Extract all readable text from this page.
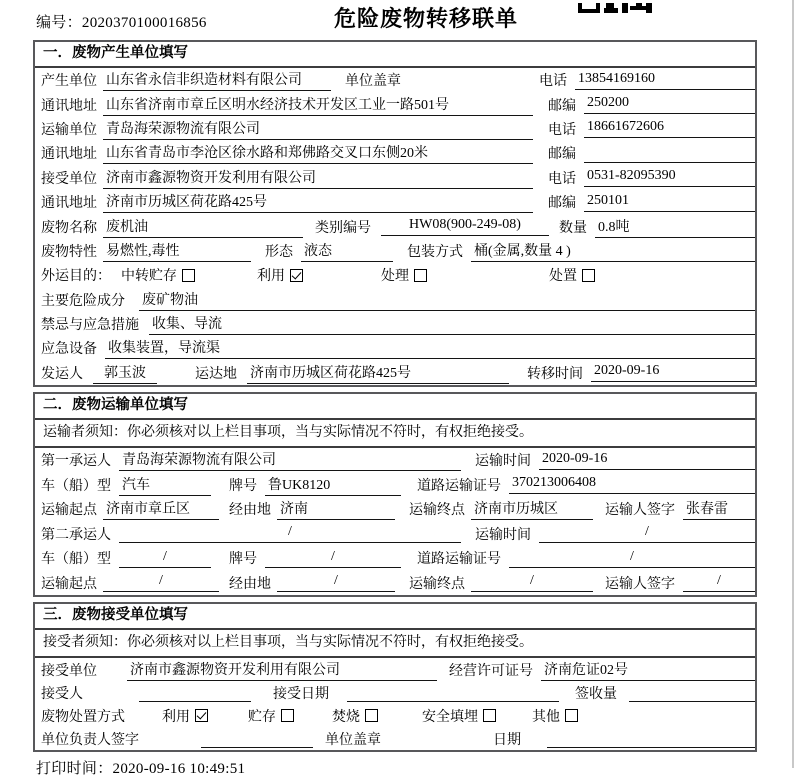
编号：2020370100016856	危险废物转移联单
一．废物产生单位填写
产生单位 山东省永信非织造材料有限公司	单位盖章	电话 13854169160
通讯地址 山东省济南市章丘区明水经济技术开发区工业一路501号	邮编 250200
运输单位 青岛海荣源物流有限公司	电话 18661672606
通讯地址 山东省青岛市李沧区徐水路和郑佛路交叉口东侧20米	邮编
接受单位 济南市鑫源物资开发利用有限公司	电话 0531-82095390
通讯地址 济南市历城区荷花路425号	邮编 250101
废物名称 废机油	类别编号	HW08(900-249-08)	数量 0.8吨
废物特性 易燃性,毒性	形态 液态	包装方式 桶(金属,数量 4 )
外运目的： 中转贮存	利用	处理	处置
主要危险成分 废矿物油
禁忌与应急措施 收集、导流
应急设备 收集装置，导流渠
发运人	郭玉波	运达地 济南市历城区荷花路425号	转移时间 2020-09-16
二．废物运输单位填写
运输者须知：你必须核对以上栏目事项，当与实际情况不符时，有权拒绝接受。
第一承运人 青岛海荣源物流有限公司	运输时间 2020-09-16
车（船）型 汽车	牌号 鲁UK8120	道路运输证号 370213006408
运输起点 济南市章丘区	经由地 济南	运输终点 济南市历城区	运输人签字 张春雷
第二承运人	/	运输时间	/
车（船）型	/	牌号	/	道路运输证号	/
运输起点	/	经由地	/	运输终点	/	运输人签字	/
三．废物接受单位填写
接受者须知：你必须核对以上栏目事项，当与实际情况不符时，有权拒绝接受。
接受单位 济南市鑫源物资开发利用有限公司	经营许可证号 济南危证02号
接受人	接受日期	签收量
废物处置方式	利用	贮存	焚烧	安全填埋	其他
单位负责人签字	单位盖章	日期
打印时间：2020-09-16 10:49:51
